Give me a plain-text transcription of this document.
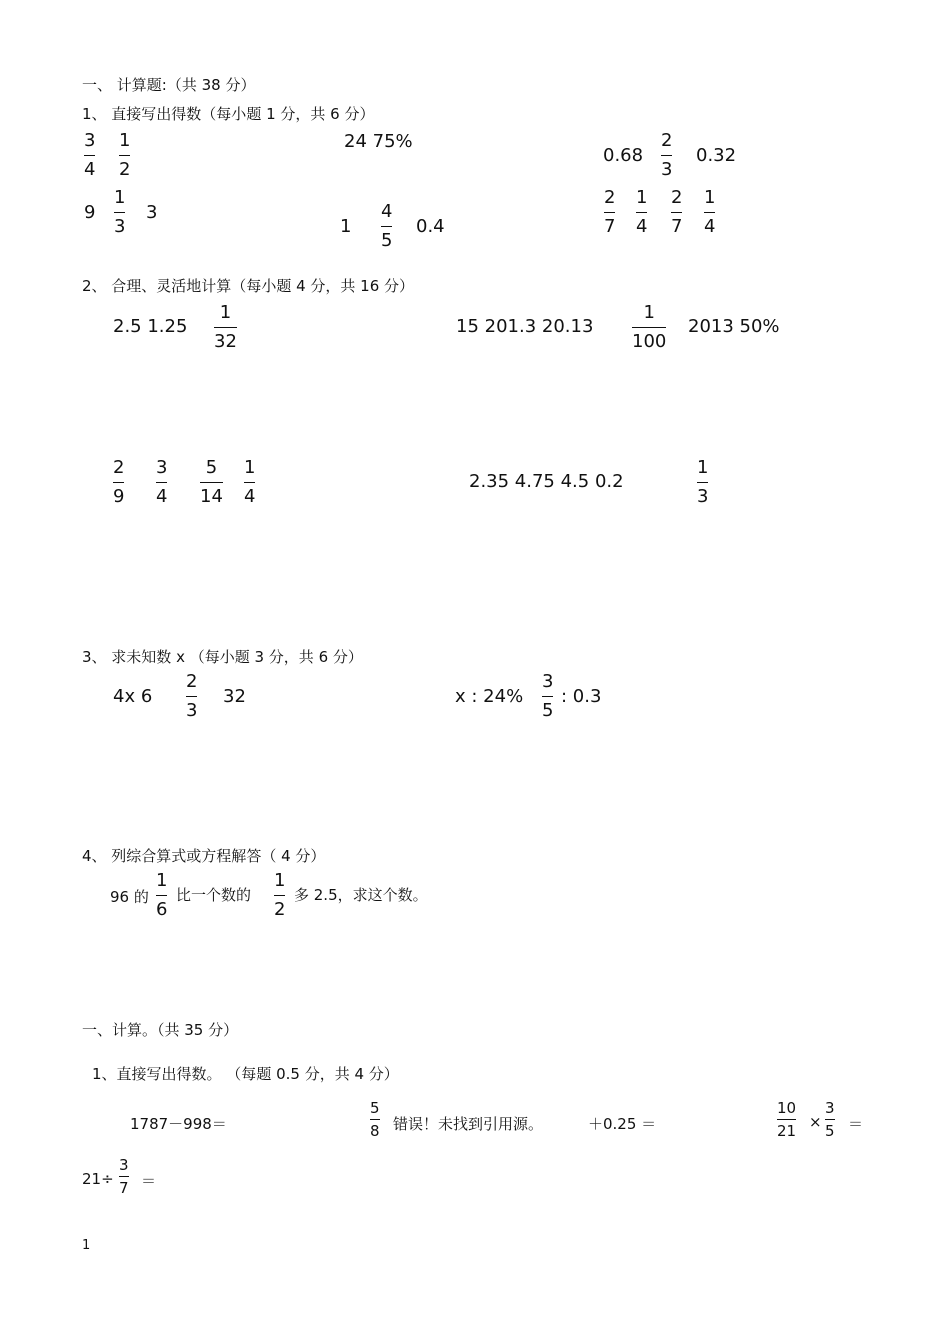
一、 计算题:（共 38 分）
1、 直接写出得数（每小题 1 分，共 6 分）
3
4
1
2
24 75%
0.68
2
3
0.32
9
1
3
3
1
4
5
0.4
2
7
1
4
2
7
1
4
2、 合理、灵活地计算（每小题 4 分，共 16 分）
2.5 1.25
1
32
15 201.3 20.13
1
100
2013 50%
2
9
3
4
5
14
1
4
2.35 4.75 4.5 0.2
1
3
3、 求未知数 x （每小题 3 分，共 6 分）
4x 6
2
3
32	x : 24%
3
5
: 0.3
4、 列综合算式或方程解答（ 4 分）
96 的
1
6
比一个数的
1
2
多 2.5，求这个数。
一、计算。（共 35 分）
1、直接写出得数。 （每题 0.5 分，共 4 分）
1787－998＝
5
8 错误！未找到引用源。	＋0.25 ＝
10
21 ×
3
5 ＝
21÷
3
7 ＝
1
